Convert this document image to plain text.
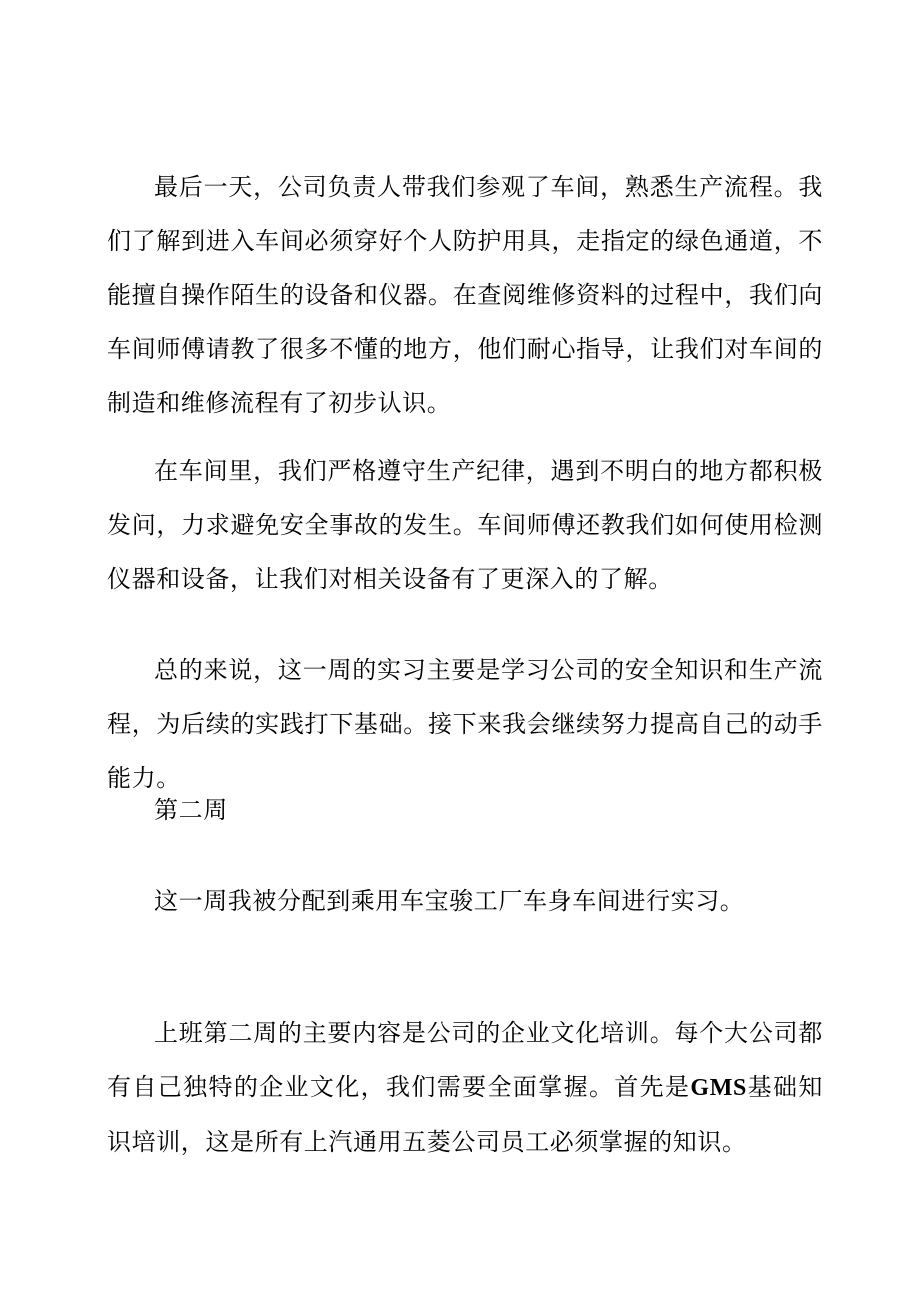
最后一天，公司负责人带我们参观了车间，熟悉生产流程。我们了解到进入车间必须穿好个人防护用具，走指定的绿色通道，不能擅自操作陌生的设备和仪器。在查阅维修资料的过程中，我们向车间师傅请教了很多不懂的地方，他们耐心指导，让我们对车间的制造和维修流程有了初步认识。

在车间里，我们严格遵守生产纪律，遇到不明白的地方都积极发问，力求避免安全事故的发生。车间师傅还教我们如何使用检测仪器和设备，让我们对相关设备有了更深入的了解。

总的来说，这一周的实习主要是学习公司的安全知识和生产流程，为后续的实践打下基础。接下来我会继续努力提高自己的动手能力。

第二周

这一周我被分配到乘用车宝骏工厂车身车间进行实习。

上班第二周的主要内容是公司的企业文化培训。每个大公司都有自己独特的企业文化，我们需要全面掌握。首先是GMS基础知识培训，这是所有上汽通用五菱公司员工必须掌握的知识。
